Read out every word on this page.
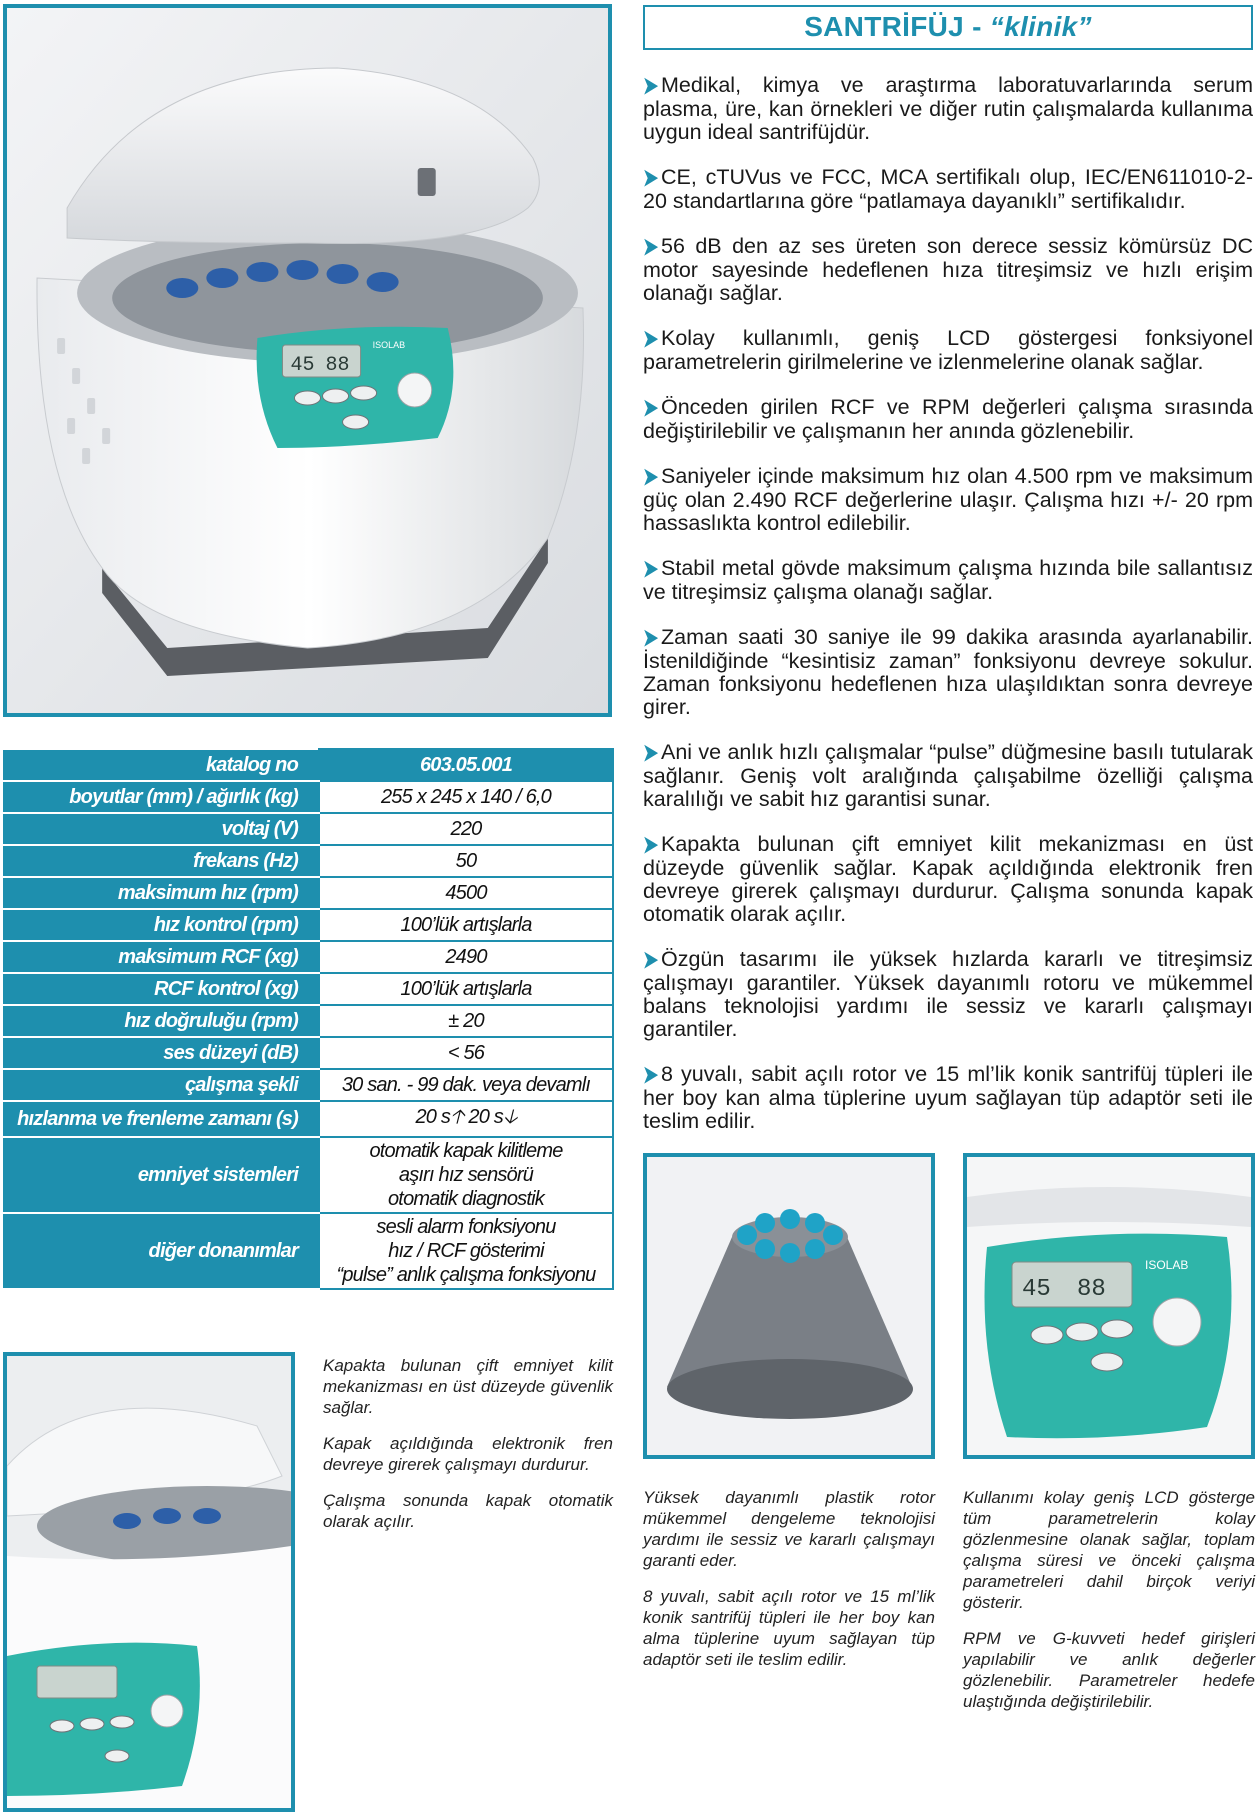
45 88
ISOLAB
SANTRİFÜJ - “klinik”
➤ Medikal, kimya ve araştırma laboratuvarlarında serum plasma, üre, kan örnekleri ve diğer rutin çalışmalarda kullanıma uygun ideal santrifüjdür.
➤ CE, cTUVus ve FCC, MCA sertifikalı olup, IEC/EN611010-2-20 standartlarına göre “patlamaya dayanıklı” sertifikalıdır.
➤ 56 dB den az ses üreten son derece sessiz kömürsüz DC motor sayesinde hedeflenen hıza titreşimsiz ve hızlı erişim olanağı sağlar.
➤ Kolay kullanımlı, geniş LCD göstergesi fonksiyonel parametrelerin girilmelerine ve izlenmelerine olanak sağlar.
➤ Önceden girilen RCF ve RPM değerleri çalışma sırasında değiştirilebilir ve çalışmanın her anında gözlenebilir.
➤ Saniyeler içinde maksimum hız olan 4.500 rpm ve maksimum güç olan 2.490 RCF değerlerine ulaşır. Çalışma hızı +/- 20 rpm hassaslıkta kontrol edilebilir.
➤ Stabil metal gövde maksimum çalışma hızında bile sallantısız ve titreşimsiz çalışma olanağı sağlar.
➤ Zaman saati 30 saniye ile 99 dakika arasında ayarlanabilir. İstenildiğinde “kesintisiz zaman” fonksiyonu devreye sokulur. Zaman fonksiyonu hedeflenen hıza ulaşıldıktan sonra devreye girer.
➤ Ani ve anlık hızlı çalışmalar “pulse” düğmesine basılı tutularak sağlanır. Geniş volt aralığında çalışabilme özelliği çalışma karalılığı ve sabit hız garantisi sunar.
➤ Kapakta bulunan çift emniyet kilit mekanizması en üst düzeyde güvenlik sağlar. Kapak açıldığında elektronik fren devreye girerek çalışmayı durdurur. Çalışma sonunda kapak otomatik olarak açılır.
➤ Özgün tasarımı ile yüksek hızlarda kararlı ve titreşimsiz çalışmayı garantiler. Yüksek dayanımlı rotoru ve mükemmel balans teknolojisi yardımı ile sessiz ve kararlı çalışmayı garantiler.
➤ 8 yuvalı, sabit açılı rotor ve 15 ml’lik konik santrifüj tüpleri ile her boy kan alma tüplerine uyum sağlayan tüp adaptör seti ile teslim edilir.
katalog no	603.05.001
boyutlar (mm) / ağırlık (kg)	255 x 245 x 140 / 6,0
voltaj (V)	220
frekans (Hz)	50
maksimum hız (rpm)	4500
hız kontrol (rpm)	100’lük artışlarla
maksimum RCF (xg)	2490
RCF kontrol (xg)	100’lük artışlarla
hız doğruluğu (rpm)	± 20
ses düzeyi (dB)	< 56
çalışma şekli	30 san. - 99 dak. veya devamlı
hızlanma ve frenleme zamanı (s)	20 s🡡 20 s🡣
emniyet sistemleri	otomatik kapak kilitleme
aşırı hız sensörü
otomatik diagnostik

diğer donanımlar	sesli alarm fonksiyonu
hız / RCF gösterimi
“pulse” anlık çalışma fonksiyonu

Kapakta bulunan çift emniyet kilit mekanizması en üst düzeyde güvenlik sağlar.

Kapak açıldığında elektronik fren devreye girerek çalışmayı durdurur.

Çalışma sonunda kapak otomatik olarak açılır.

45 88
ISOLAB

Yüksek dayanımlı plastik rotor mükemmel dengeleme teknolojisi yardımı ile sessiz ve kararlı çalışmayı garanti eder.

8 yuvalı, sabit açılı rotor ve 15 ml’lik konik santrifüj tüpleri ile her boy kan alma tüplerine uyum sağlayan tüp adaptör seti ile teslim edilir.

Kullanımı kolay geniş LCD gösterge tüm parametrelerin kolay gözlenmesine olanak sağlar, toplam çalışma süresi ve önceki çalışma parametreleri dahil birçok veriyi gösterir.

RPM ve G-kuvveti hedef girişleri yapılabilir ve anlık değerler gözlenebilir. Parametreler hedefe ulaştığında değiştirilebilir.
